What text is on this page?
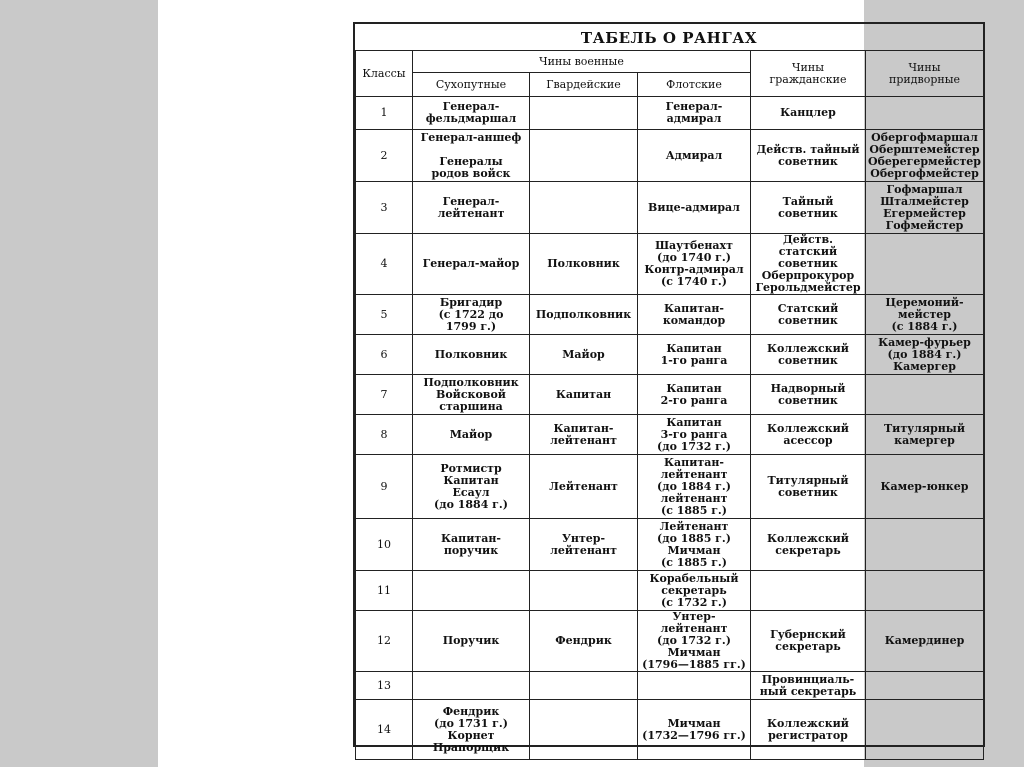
ТАБЕЛЬ О РАНГАХ
Классы	Чины военные			Чины
гражданские	Чины
придворные
	Сухопутные	Гвардейские	Флотские		
1	Генерал-
фельдмаршал		Генерал-
адмирал	Канцлер	
2	Генерал-аншеф

Генералы
родов войск		Адмирал	Действ. тайный
советник	Обергофмаршал
Оберштемейстер
Оберегермейстер
Обергофмейстер
3	Генерал-
лейтенант		Вице-адмирал	Тайный
советник	Гофмаршал
Шталмейстер
Егермейстер
Гофмейстер
4	Генерал-майор	Полковник	Шаутбенахт
(до 1740 г.)
Контр-адмирал
(с 1740 г.)	Действ. статский
советник
Оберпрокурор
Герольдмейстер	
5	Бригадир
(с 1722 до
1799 г.)	Подполковник	Капитан-
командор	Статский
советник	Церемоний-
мейстер
(с 1884 г.)
6	Полковник	Майор	Капитан
1-го ранга	Коллежский
советник	Камер-фурьер
(до 1884 г.)
Камергер
7	Подполковник
Войсковой
старшина	Капитан	Капитан
2-го ранга	Надворный
советник	
8	Майор	Капитан-
лейтенант	Капитан
3-го ранга
(до 1732 г.)	Коллежский
асессор	Титулярный
камергер
9	Ротмистр
Капитан
Есаул
(до 1884 г.)	Лейтенант	Капитан-
лейтенант
(до 1884 г.)
лейтенант
(с 1885 г.)	Титулярный
советник	Камер-юнкер
10	Капитан-
поручик	Унтер-
лейтенант	Лейтенант
(до 1885 г.)
Мичман
(с 1885 г.)	Коллежский
секретарь	
11			Корабельный
секретарь
(с 1732 г.)		
12	Поручик	Фендрик	Унтер-
лейтенант
(до 1732 г.)
Мичман
(1796—1885 гг.)	Губернский
секретарь	Камердинер
13				Провинциаль-
ный секретарь	
14	Фендрик
(до 1731 г.)
Корнет
Прапорщик		Мичман
(1732—1796 гг.)	Коллежский
регистратор	
